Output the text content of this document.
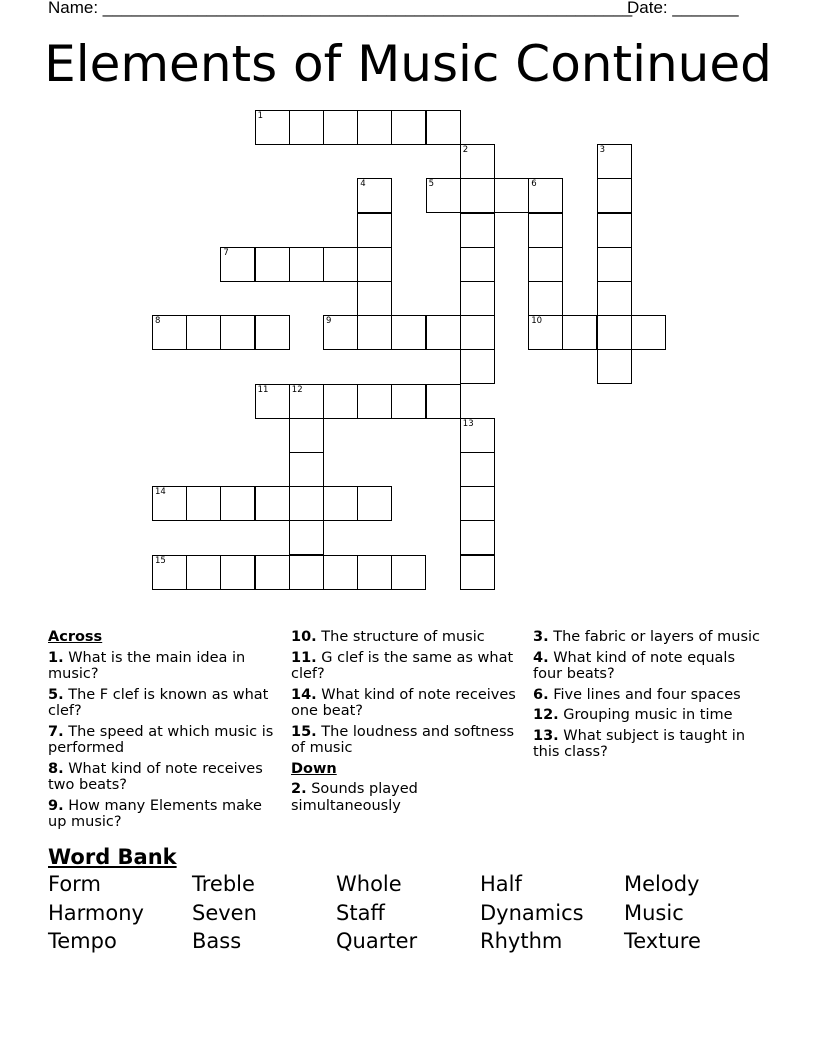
Name: ________________________________________________________
Date: _______
Elements of Music Continued
1
2	3
4	5	6
7
8	9	10
11	12
13
14
15
Across
1. What is the main idea in music?
5. The F clef is known as what clef?
7. The speed at which music is performed
8. What kind of note receives two beats?
9. How many Elements make up music?
10. The structure of music
11. G clef is the same as what clef?
14. What kind of note receives one beat?
15. The loudness and softness of music
Down
2. Sounds played simultaneously
3. The fabric or layers of music
4. What kind of note equals four beats?
6. Five lines and four spaces
12. Grouping music in time
13. What subject is taught in this class?
Word Bank
Form	Treble	Whole	Half	Melody
Harmony	Seven	Staff	Dynamics	Music
Tempo	Bass	Quarter	Rhythm	Texture
